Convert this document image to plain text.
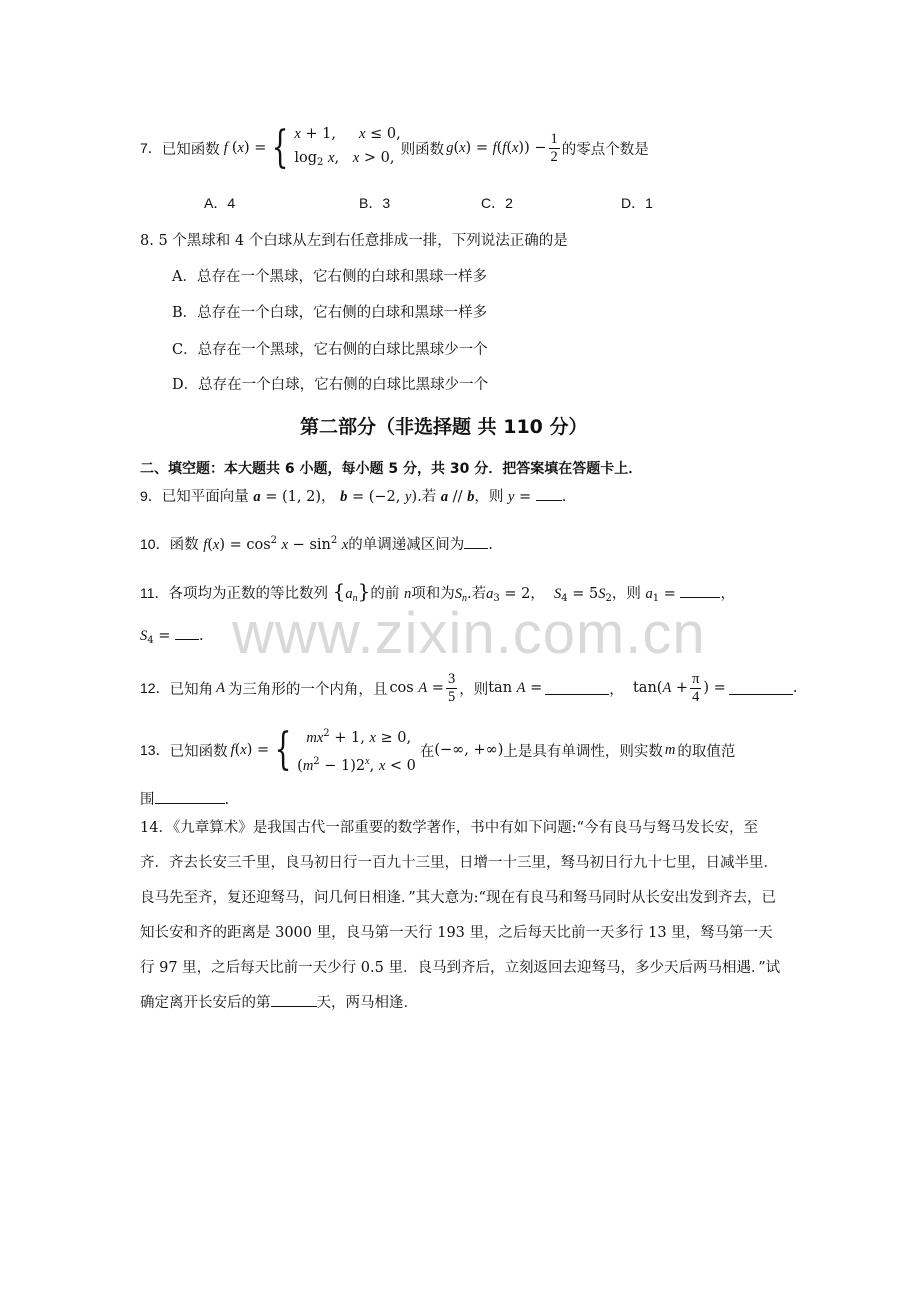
www.zixin.com.cn
7． 已知函数 f ( x ) = { x + 1,     x ≤ 0,
$\log_2 x$,   x > 0, 则函数 $g(x) = f(f(x)) - \frac{1}{2}$ 的零点个数是
A．4	B．3	C．2	D．1
8. 5 个黑球和 4 个白球从左到右任意排成一排，下列说法正确的是
A．总存在一个黑球，它右侧的白球和黑球一样多
B．总存在一个白球，它右侧的白球和黑球一样多
C．总存在一个黑球，它右侧的白球比黑球少一个
D．总存在一个白球，它右侧的白球比黑球少一个
第二部分（非选择题 共 110 分）
二、填空题：本大题共 6 小题，每小题 5 分，共 30 分．把答案填在答题卡上．
9．已知平面向量 a = (1, 2)， b = (−2, y).若 a // b，则 y = .
10．函数 $f(x) = \cos^2 x - \sin^2 x$的单调递减区间为 .
11．各项均为正数的等比数列 $\{a_n\}$的前 n项和为$S_n$.若$a_3 = 2$，  $S_4 = 5S_2$，则 $a_1$ =	，
$S_4$ = .
12． 已知角 A 为三角形的一个内角，且 $\cos A = \frac{3}{5}$ ，则 tan A =	， $\tan(A + \frac{\pi}{4}$ ) =	.
13． 已知函数 f(x) = {	$mx^2 + 1$, x ≥ 0,
$(m^2 - 1)2^x$, x < 0
在 (−∞, +∞) 上是具有单调性，则实数 m 的取值范
围	.
14．《九章算术》是我国古代一部重要的数学著作，书中有如下问题:“今有良马与驽马发长安，至齐．齐去长安三千里，良马初日行一百九十三里，日增一十三里，驽马初日行九十七里，日减半里．良马先至齐，复还迎驽马，问几何日相逢．”其大意为:“现在有良马和驽马同时从长安出发到齐去，已知长安和齐的距离是 3000 里，良马第一天行 193 里，之后每天比前一天多行 13 里，驽马第一天行 97 里，之后每天比前一天少行 0.5 里．良马到齐后，立刻返回去迎驽马，多少天后两马相遇．”试确定离开长安后的第	天，两马相逢．
